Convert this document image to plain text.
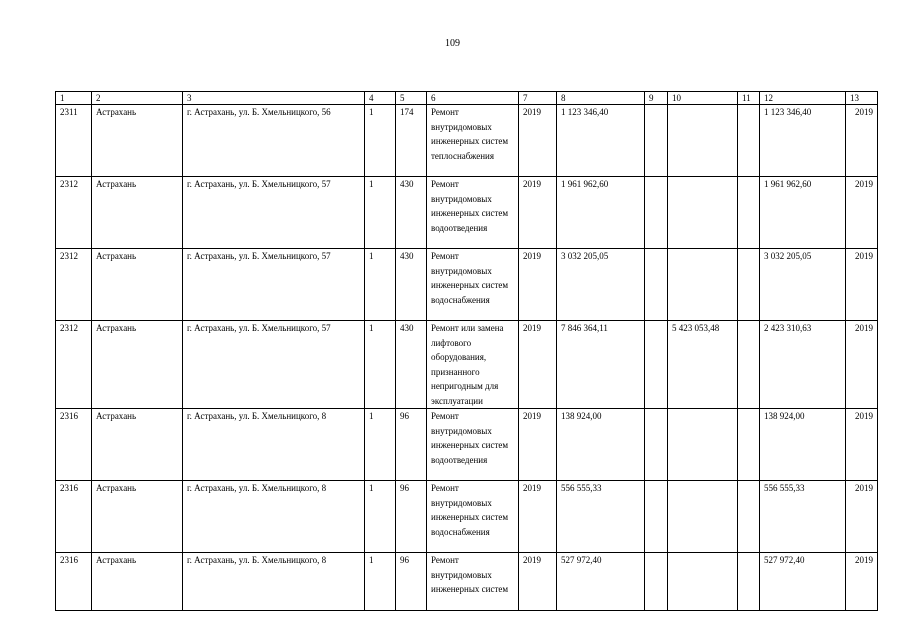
109
1	2	3	4	5	6	7	8	9	10	11	12	13
2311	Астрахань	г. Астрахань, ул. Б. Хмельницкого, 56	1	174	Ремонт внутридомовых инженерных систем теплоснабжения	2019	1 123 346,40				1 123 346,40	2019
2312	Астрахань	г. Астрахань, ул. Б. Хмельницкого, 57	1	430	Ремонт внутридомовых инженерных систем водоотведения	2019	1 961 962,60				1 961 962,60	2019
2312	Астрахань	г. Астрахань, ул. Б. Хмельницкого, 57	1	430	Ремонт внутридомовых инженерных систем водоснабжения	2019	3 032 205,05				3 032 205,05	2019
2312	Астрахань	г. Астрахань, ул. Б. Хмельницкого, 57	1	430	Ремонт или замена лифтового оборудования, признанного непригодным для эксплуатации	2019	7 846 364,11		5 423 053,48		2 423 310,63	2019
2316	Астрахань	г. Астрахань, ул. Б. Хмельницкого, 8	1	96	Ремонт внутридомовых инженерных систем водоотведения	2019	138 924,00				138 924,00	2019
2316	Астрахань	г. Астрахань, ул. Б. Хмельницкого, 8	1	96	Ремонт внутридомовых инженерных систем водоснабжения	2019	556 555,33				556 555,33	2019
2316	Астрахань	г. Астрахань, ул. Б. Хмельницкого, 8	1	96	Ремонт внутридомовых инженерных систем	2019	527 972,40				527 972,40	2019
